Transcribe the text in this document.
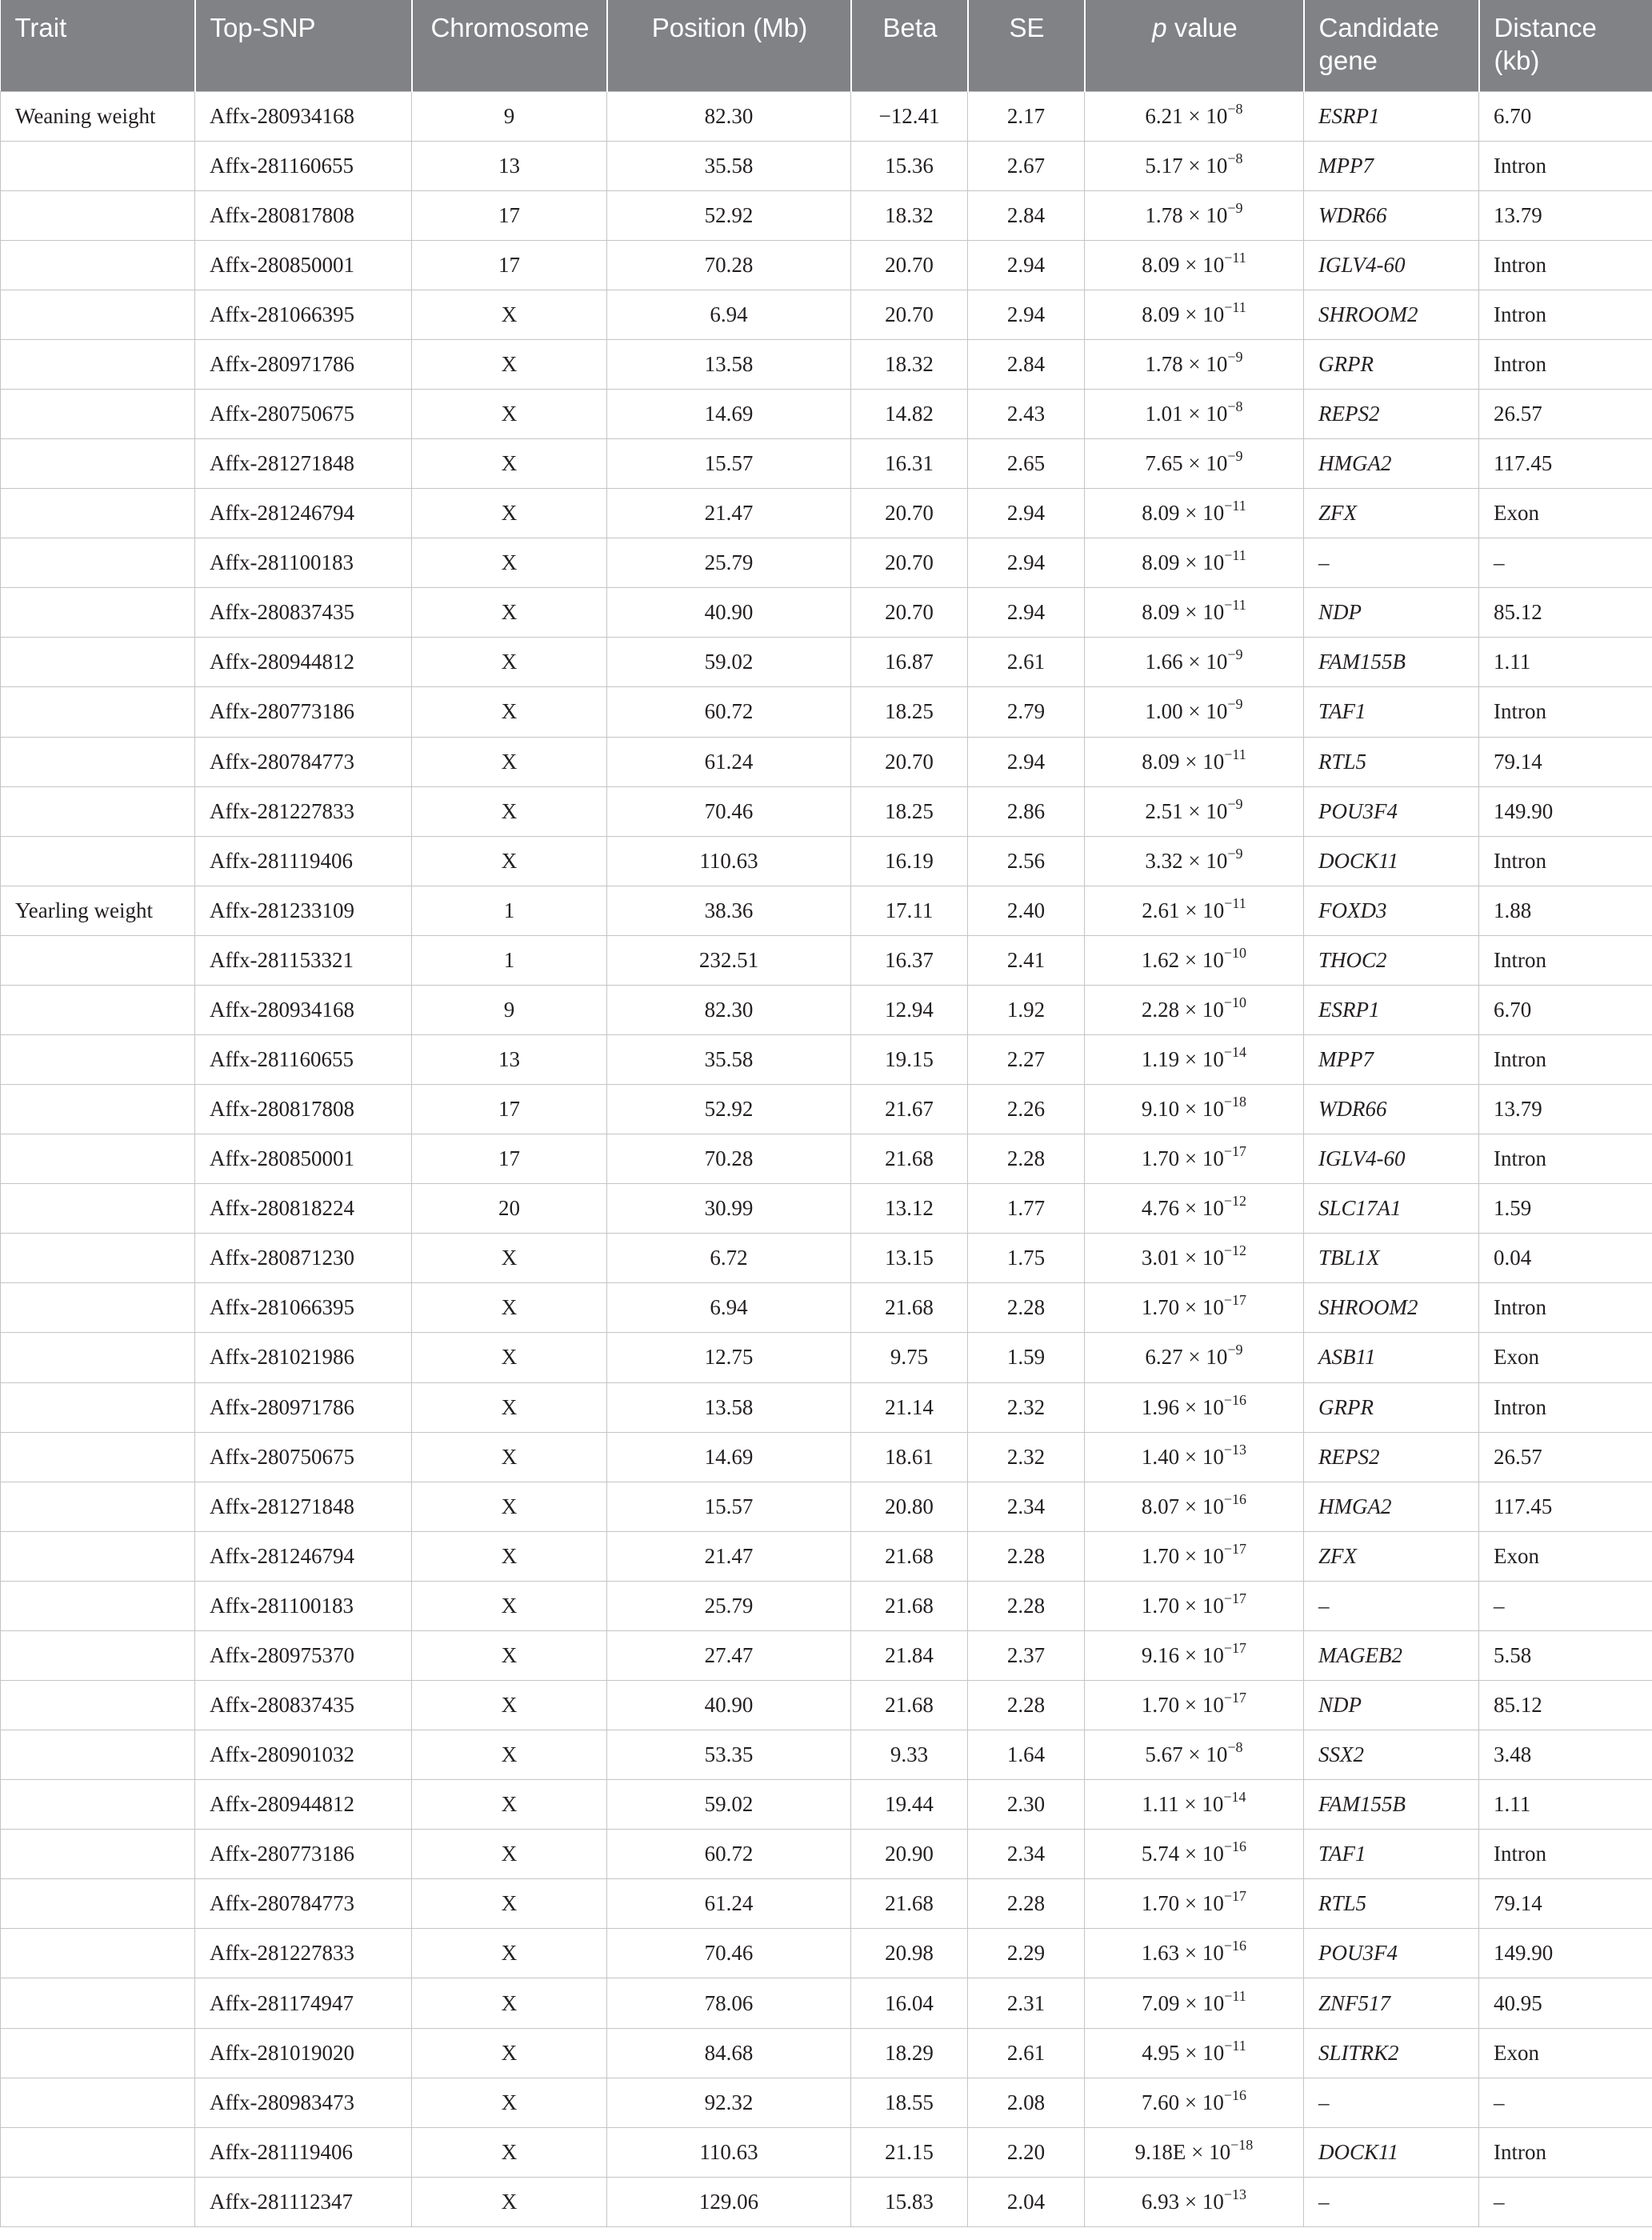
Trait	Top-SNP	Chromosome	Position (Mb)	Beta	SE	p value	Candidate gene	Distance (kb)
Weaning weight	Affx-280934168	9	82.30	−12.41	2.17	$6.21 \times 10^{-8}$	ESRP1	6.70
	Affx-281160655	13	35.58	15.36	2.67	$5.17 \times 10^{-8}$	MPP7	Intron
	Affx-280817808	17	52.92	18.32	2.84	$1.78 \times 10^{-9}$	WDR66	13.79
	Affx-280850001	17	70.28	20.70	2.94	$8.09 \times 10^{-11}$	IGLV4-60	Intron
	Affx-281066395	X	6.94	20.70	2.94	$8.09 \times 10^{-11}$	SHROOM2	Intron
	Affx-280971786	X	13.58	18.32	2.84	$1.78 \times 10^{-9}$	GRPR	Intron
	Affx-280750675	X	14.69	14.82	2.43	$1.01 \times 10^{-8}$	REPS2	26.57
	Affx-281271848	X	15.57	16.31	2.65	$7.65 \times 10^{-9}$	HMGA2	117.45
	Affx-281246794	X	21.47	20.70	2.94	$8.09 \times 10^{-11}$	ZFX	Exon
	Affx-281100183	X	25.79	20.70	2.94	$8.09 \times 10^{-11}$	–	–
	Affx-280837435	X	40.90	20.70	2.94	$8.09 \times 10^{-11}$	NDP	85.12
	Affx-280944812	X	59.02	16.87	2.61	$1.66 \times 10^{-9}$	FAM155B	1.11
	Affx-280773186	X	60.72	18.25	2.79	$1.00 \times 10^{-9}$	TAF1	Intron
	Affx-280784773	X	61.24	20.70	2.94	$8.09 \times 10^{-11}$	RTL5	79.14
	Affx-281227833	X	70.46	18.25	2.86	$2.51 \times 10^{-9}$	POU3F4	149.90
	Affx-281119406	X	110.63	16.19	2.56	$3.32 \times 10^{-9}$	DOCK11	Intron
Yearling weight	Affx-281233109	1	38.36	17.11	2.40	$2.61 \times 10^{-11}$	FOXD3	1.88
	Affx-281153321	1	232.51	16.37	2.41	$1.62 \times 10^{-10}$	THOC2	Intron
	Affx-280934168	9	82.30	12.94	1.92	$2.28 \times 10^{-10}$	ESRP1	6.70
	Affx-281160655	13	35.58	19.15	2.27	$1.19 \times 10^{-14}$	MPP7	Intron
	Affx-280817808	17	52.92	21.67	2.26	$9.10 \times 10^{-18}$	WDR66	13.79
	Affx-280850001	17	70.28	21.68	2.28	$1.70 \times 10^{-17}$	IGLV4-60	Intron
	Affx-280818224	20	30.99	13.12	1.77	$4.76 \times 10^{-12}$	SLC17A1	1.59
	Affx-280871230	X	6.72	13.15	1.75	$3.01 \times 10^{-12}$	TBL1X	0.04
	Affx-281066395	X	6.94	21.68	2.28	$1.70 \times 10^{-17}$	SHROOM2	Intron
	Affx-281021986	X	12.75	9.75	1.59	$6.27 \times 10^{-9}$	ASB11	Exon
	Affx-280971786	X	13.58	21.14	2.32	$1.96 \times 10^{-16}$	GRPR	Intron
	Affx-280750675	X	14.69	18.61	2.32	$1.40 \times 10^{-13}$	REPS2	26.57
	Affx-281271848	X	15.57	20.80	2.34	$8.07 \times 10^{-16}$	HMGA2	117.45
	Affx-281246794	X	21.47	21.68	2.28	$1.70 \times 10^{-17}$	ZFX	Exon
	Affx-281100183	X	25.79	21.68	2.28	$1.70 \times 10^{-17}$	–	–
	Affx-280975370	X	27.47	21.84	2.37	$9.16 \times 10^{-17}$	MAGEB2	5.58
	Affx-280837435	X	40.90	21.68	2.28	$1.70 \times 10^{-17}$	NDP	85.12
	Affx-280901032	X	53.35	9.33	1.64	$5.67 \times 10^{-8}$	SSX2	3.48
	Affx-280944812	X	59.02	19.44	2.30	$1.11 \times 10^{-14}$	FAM155B	1.11
	Affx-280773186	X	60.72	20.90	2.34	$5.74 \times 10^{-16}$	TAF1	Intron
	Affx-280784773	X	61.24	21.68	2.28	$1.70 \times 10^{-17}$	RTL5	79.14
	Affx-281227833	X	70.46	20.98	2.29	$1.63 \times 10^{-16}$	POU3F4	149.90
	Affx-281174947	X	78.06	16.04	2.31	$7.09 \times 10^{-11}$	ZNF517	40.95
	Affx-281019020	X	84.68	18.29	2.61	$4.95 \times 10^{-11}$	SLITRK2	Exon
	Affx-280983473	X	92.32	18.55	2.08	$7.60 \times 10^{-16}$	–	–
	Affx-281119406	X	110.63	21.15	2.20	$9.18E \times 10^{-18}$	DOCK11	Intron
	Affx-281112347	X	129.06	15.83	2.04	$6.93 \times 10^{-13}$	–	–
